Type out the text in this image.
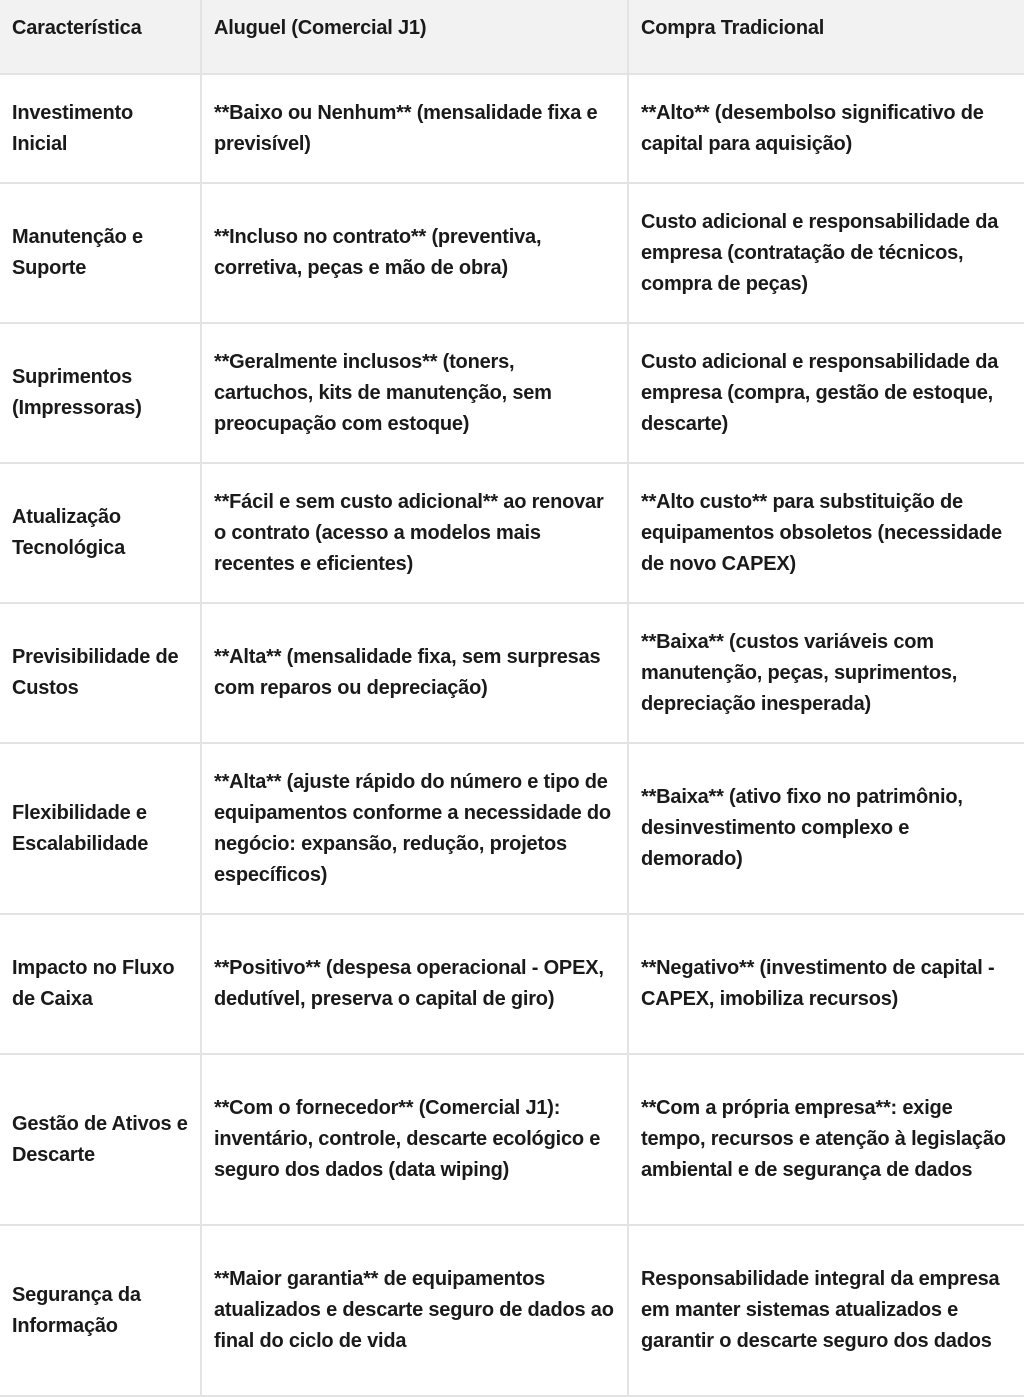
Característica	Aluguel (Comercial J1)	Compra Tradicional
Investimento Inicial	**Baixo ou Nenhum** (mensalidade fixa e previsível)	**Alto** (desembolso significativo de capital para aquisição)
Manutenção e Suporte	**Incluso no contrato** (preventiva, corretiva, peças e mão de obra)	Custo adicional e responsabilidade da empresa (contratação de técnicos, compra de peças)
Suprimentos (Impressoras)	**Geralmente inclusos** (toners, cartuchos, kits de manutenção, sem preocupação com estoque)	Custo adicional e responsabilidade da empresa (compra, gestão de estoque, descarte)
Atualização Tecnológica	**Fácil e sem custo adicional** ao renovar o contrato (acesso a modelos mais recentes e eficientes)	**Alto custo** para substituição de equipamentos obsoletos (necessidade de novo CAPEX)
Previsibilidade de Custos	**Alta** (mensalidade fixa, sem surpresas com reparos ou depreciação)	**Baixa** (custos variáveis com manutenção, peças, suprimentos, depreciação inesperada)
Flexibilidade e Escalabilidade	**Alta** (ajuste rápido do número e tipo de equipamentos conforme a necessidade do negócio: expansão, redução, projetos específicos)	**Baixa** (ativo fixo no patrimônio, desinvestimento complexo e demorado)
Impacto no Fluxo de Caixa	**Positivo** (despesa operacional - OPEX, dedutível, preserva o capital de giro)	**Negativo** (investimento de capital - CAPEX, imobiliza recursos)
Gestão de Ativos e Descarte	**Com o fornecedor** (Comercial J1): inventário, controle, descarte ecológico e seguro dos dados (data wiping)	**Com a própria empresa**: exige tempo, recursos e atenção à legislação ambiental e de segurança de dados
Segurança da Informação	**Maior garantia** de equipamentos atualizados e descarte seguro de dados ao final do ciclo de vida	Responsabilidade integral da empresa em manter sistemas atualizados e garantir o descarte seguro dos dados
